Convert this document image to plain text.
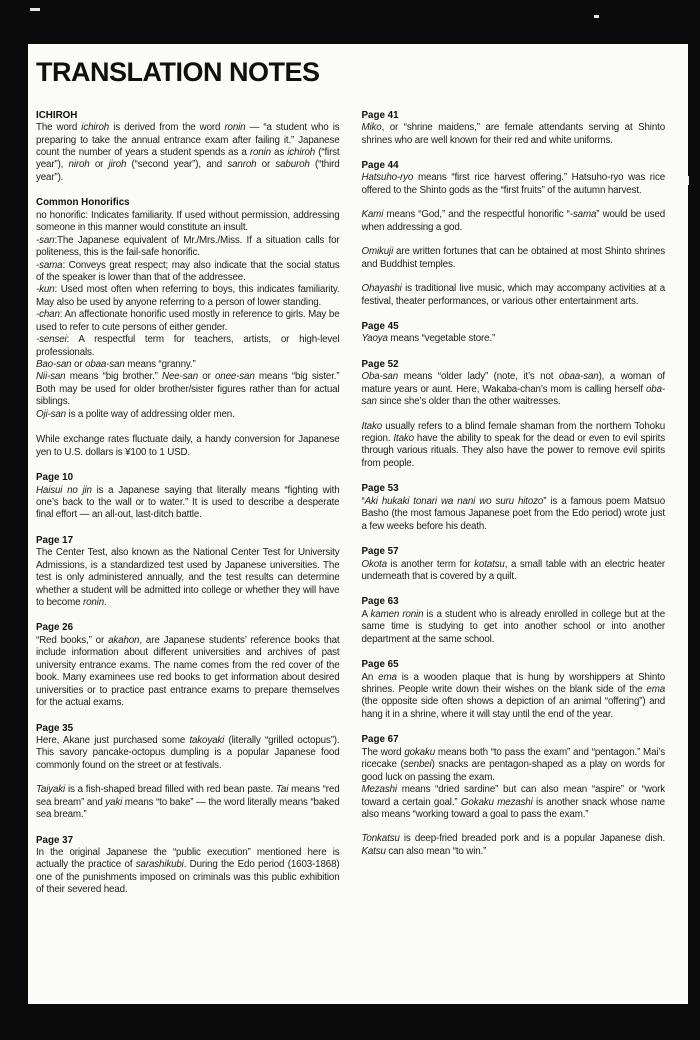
TRANSLATION NOTES
ICHIROH

The word ichiroh is derived from the word ronin — “a student who is preparing to take the annual entrance exam after failing it.” Japanese count the number of years a student spends as a ronin as ichiroh (“first year”), niroh or jiroh (“second year”), and sanroh or saburoh (“third year”).

Common Honorifics

no honorific: Indicates familiarity. If used without permission, addressing someone in this manner would constitute an insult.

-san:The Japanese equivalent of Mr./Mrs./Miss. If a situation calls for politeness, this is the fail-safe honorific.

-sama: Conveys great respect; may also indicate that the social status of the speaker is lower than that of the addressee.

-kun: Used most often when referring to boys, this indicates familiarity. May also be used by anyone referring to a person of lower standing.

-chan: An affectionate honorific used mostly in reference to girls. May be used to refer to cute persons of either gender.

-sensei: A respectful term for teachers, artists, or high-level professionals.

Bao-san or obaa-san means “granny.”

Nii-san means “big brother.” Nee-san or onee-san means “big sister.” Both may be used for older brother/sister figures rather than for actual siblings.

Oji-san is a polite way of addressing older men.

While exchange rates fluctuate daily, a handy conversion for Japanese yen to U.S. dollars is ¥100 to 1 USD.

Page 10

Haisui no jin is a Japanese saying that literally means “fighting with one’s back to the wall or to water.” It is used to describe a desperate final effort — an all-out, last-ditch battle.

Page 17

The Center Test, also known as the National Center Test for University Admissions, is a standardized test used by Japanese universities. The test is only administered annually, and the test results can determine whether a student will be admitted into college or whether they will have to become ronin.

Page 26

“Red books,” or akahon, are Japanese students’ reference books that include information about different universities and archives of past university entrance exams. The name comes from the red cover of the book. Many examinees use red books to get information about desired universities or to practice past entrance exams to prepare themselves for the actual exams.

Page 35

Here, Akane just purchased some takoyaki (literally “grilled octopus”). This savory pancake-octopus dumpling is a popular Japanese food commonly found on the street or at festivals.

Taiyaki is a fish-shaped bread filled with red bean paste. Tai means “red sea bream” and yaki means “to bake” — the word literally means “baked sea bream.”

Page 37

In the original Japanese the “public execution” mentioned here is actually the practice of sarashikubi. During the Edo period (1603-1868) one of the punishments imposed on criminals was this public exhibition of their severed head.

Page 41

Miko, or “shrine maidens,” are female attendants serving at Shinto shrines who are well known for their red and white uniforms.

Page 44

Hatsuho-ryo means “first rice harvest offering.” Hatsuho-ryo was rice offered to the Shinto gods as the “first fruits” of the autumn harvest.

Kami means “God,” and the respectful honorific “-sama” would be used when addressing a god.

Omikuji are written fortunes that can be obtained at most Shinto shrines and Buddhist temples.

Ohayashi is traditional live music, which may accompany activities at a festival, theater performances, or various other entertainment arts.

Page 45

Yaoya means “vegetable store.”

Page 52

Oba-san means “older lady” (note, it’s not obaa-san), a woman of mature years or aunt. Here, Wakaba-chan’s mom is calling herself oba-san since she’s older than the other waitresses.

Itako usually refers to a blind female shaman from the northern Tohoku region. Itako have the ability to speak for the dead or even to evil spirits through various rituals. They also have the power to remove evil spirits from people.

Page 53

“Aki hukaki tonari wa nani wo suru hitozo” is a famous poem Matsuo Basho (the most famous Japanese poet from the Edo period) wrote just a few weeks before his death.

Page 57

Okota is another term for kotatsu, a small table with an electric heater underneath that is covered by a quilt.

Page 63

A kamen ronin is a student who is already enrolled in college but at the same time is studying to get into another school or into another department at the same school.

Page 65

An ema is a wooden plaque that is hung by worshippers at Shinto shrines. People write down their wishes on the blank side of the ema (the opposite side often shows a depiction of an animal “offering”) and hang it in a shrine, where it will stay until the end of the year.

Page 67

The word gokaku means both “to pass the exam” and “pentagon.” Mai’s ricecake (senbei) snacks are pentagon-shaped as a play on words for good luck on passing the exam.

Mezashi means “dried sardine” but can also mean “aspire” or “work toward a certain goal.” Gokaku mezashi is another snack whose name also means “working toward a goal to pass the exam.”

Tonkatsu is deep-fried breaded pork and is a popular Japanese dish. Katsu can also mean “to win.”
